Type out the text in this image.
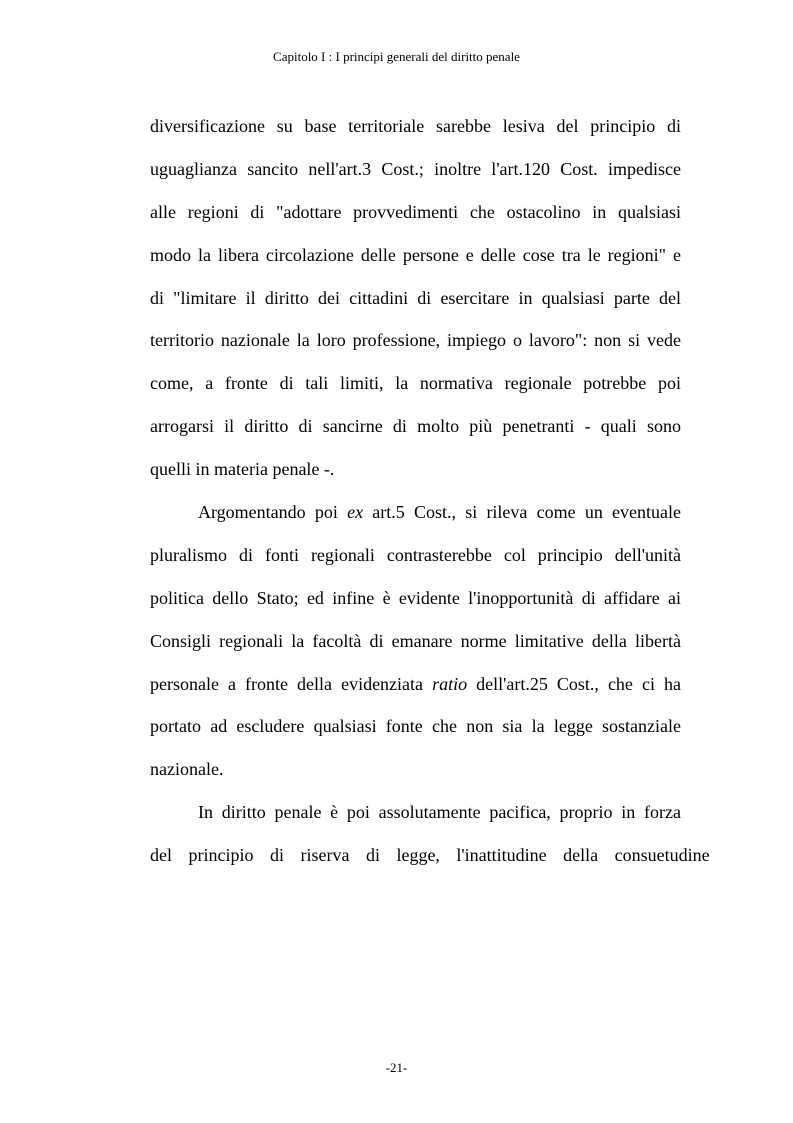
Capitolo I : I principi generali del diritto penale
diversificazione su base territoriale sarebbe lesiva del principio di
uguaglianza sancito nell'art.3 Cost.; inoltre l'art.120 Cost. impedisce
alle regioni di "adottare provvedimenti che ostacolino in qualsiasi
modo la libera circolazione delle persone e delle cose tra le regioni" e
di "limitare il diritto dei cittadini di esercitare in qualsiasi parte del
territorio nazionale la loro professione, impiego o lavoro": non si vede
come, a fronte di tali limiti, la normativa regionale potrebbe poi
arrogarsi il diritto di sancirne di molto più penetranti - quali sono
quelli in materia penale -.
Argomentando poi ex art.5 Cost., si rileva come un eventuale
pluralismo di fonti regionali contrasterebbe col principio dell'unità
politica dello Stato; ed infine è evidente l'inopportunità di affidare ai
Consigli regionali la facoltà di emanare norme limitative della libertà
personale a fronte della evidenziata ratio dell'art.25 Cost., che ci ha
portato ad escludere qualsiasi fonte che non sia la legge sostanziale
nazionale.
In diritto penale è poi assolutamente pacifica, proprio in forza
del principio di riserva di legge, l'inattitudine della consuetudine
-21-
